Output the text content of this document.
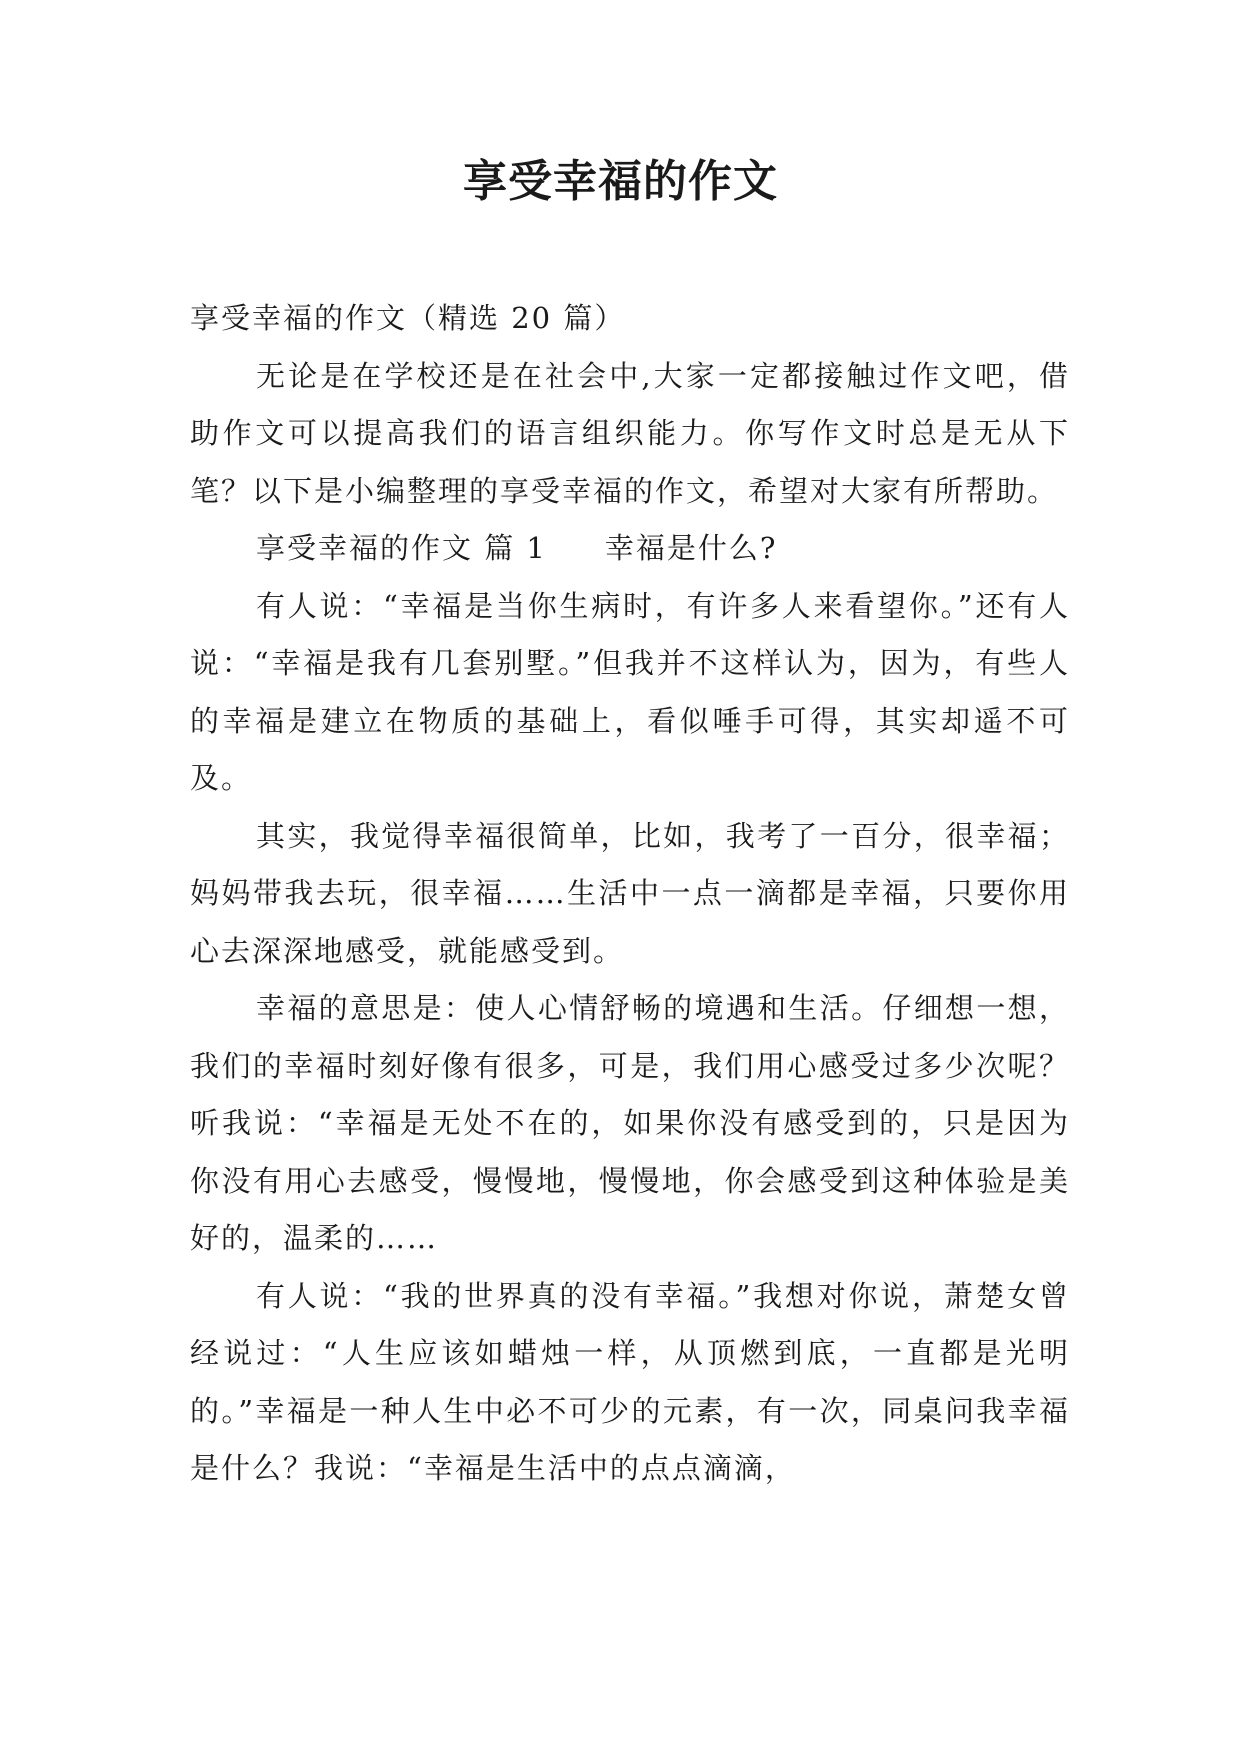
享受幸福的作文

享受幸福的作文（精选 20 篇）

无论是在学校还是在社会中,大家一定都接触过作文吧，借助作文可以提高我们的语言组织能力。你写作文时总是无从下笔？以下是小编整理的享受幸福的作文，希望对大家有所帮助。

享受幸福的作文 篇 1 幸福是什么?

有人说：“幸福是当你生病时，有许多人来看望你。”还有人说：“幸福是我有几套别墅。”但我并不这样认为，因为，有些人的幸福是建立在物质的基础上，看似唾手可得，其实却遥不可及。

其实，我觉得幸福很简单，比如，我考了一百分，很幸福；妈妈带我去玩，很幸福……生活中一点一滴都是幸福，只要你用心去深深地感受，就能感受到。

幸福的意思是：使人心情舒畅的境遇和生活。仔细想一想，我们的幸福时刻好像有很多，可是，我们用心感受过多少次呢？听我说：“幸福是无处不在的，如果你没有感受到的，只是因为你没有用心去感受，慢慢地，慢慢地，你会感受到这种体验是美好的，温柔的……

有人说：“我的世界真的没有幸福。”我想对你说，萧楚女曾经说过：“人生应该如蜡烛一样，从顶燃到底，一直都是光明的。”幸福是一种人生中必不可少的元素，有一次，同桌问我幸福是什么？我说：“幸福是生活中的点点滴滴，
